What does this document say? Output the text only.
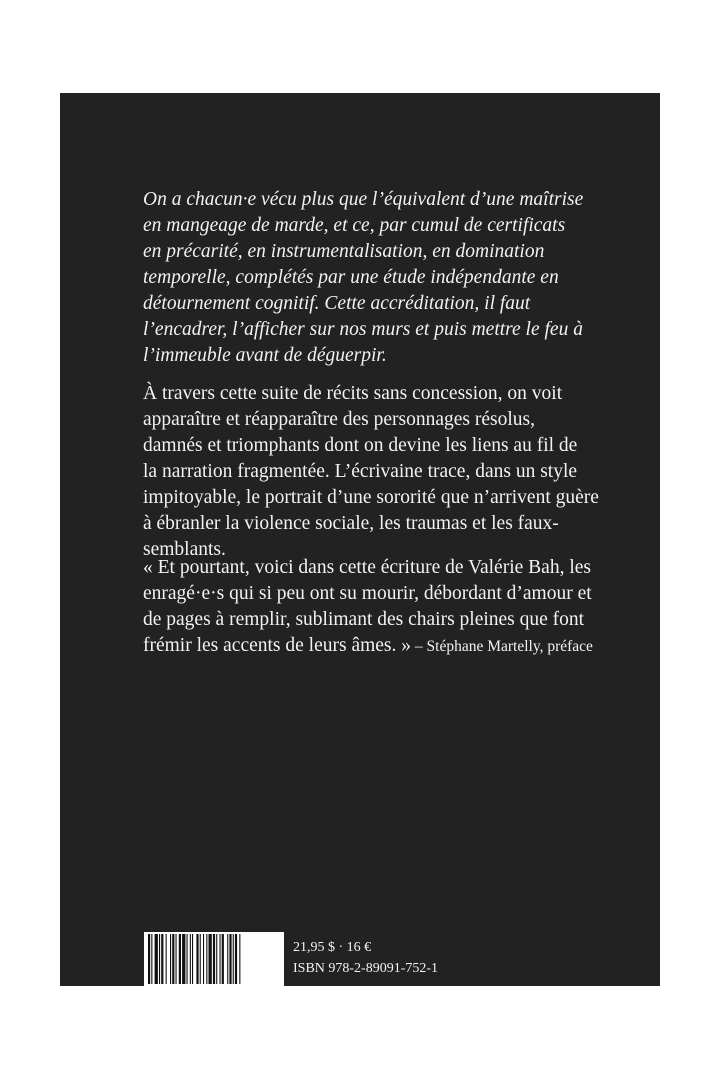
On a chacun·e vécu plus que l’équivalent d’une maîtrise
en mangeage de marde, et ce, par cumul de certificats
en précarité, en instrumentalisation, en domination
temporelle, complétés par une étude indépendante en
détournement cognitif. Cette accréditation, il faut
l’encadrer, l’afficher sur nos murs et puis mettre le feu à
l’immeuble avant de déguerpir.
À travers cette suite de récits sans concession, on voit
apparaître et réapparaître des personnages résolus,
damnés et triomphants dont on devine les liens au fil de
la narration fragmentée. L’écrivaine trace, dans un style
impitoyable, le portrait d’une sororité que n’arrivent guère
à ébranler la violence sociale, les traumas et les faux-
semblants.
« Et pourtant, voici dans cette écriture de Valérie Bah, les
enragé·e·s qui si peu ont su mourir, débordant d’amour et
de pages à remplir, sublimant des chairs pleines que font
frémir les accents de leurs âmes. » – Stéphane Martelly, préface
21,95 $ · 16 €
ISBN 978-2-89091-752-1
